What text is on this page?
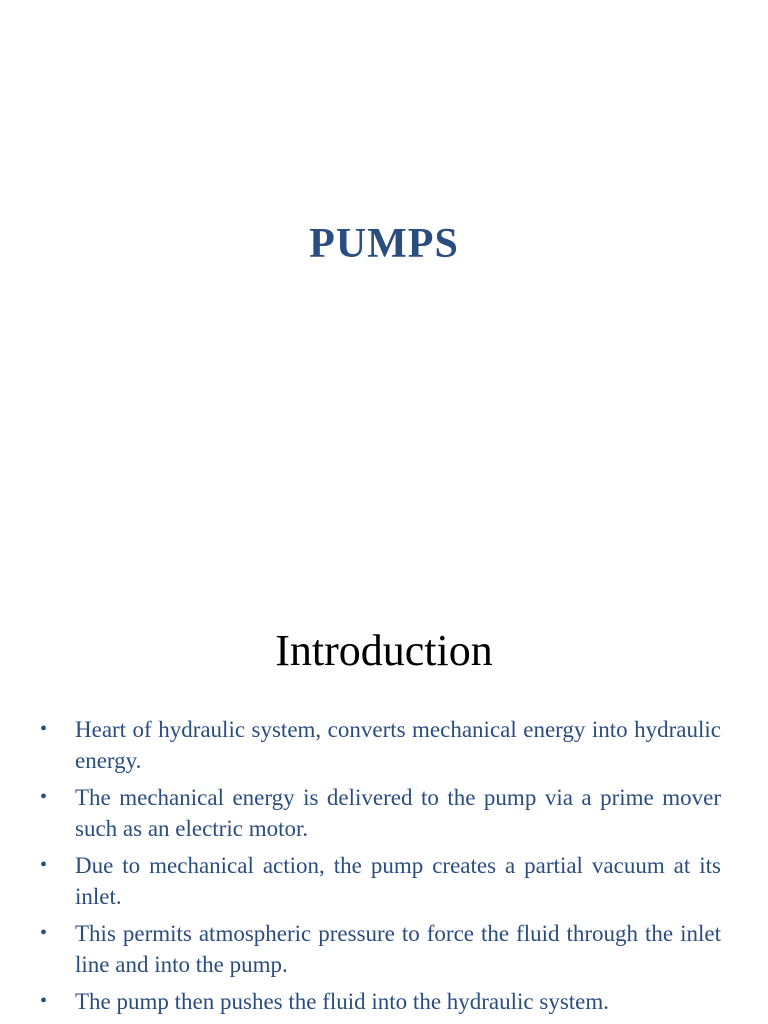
PUMPS
Introduction
•	Heart of hydraulic system, converts mechanical energy into hydraulic energy.
•	The mechanical energy is delivered to the pump via a prime mover such as an electric motor.
•	Due to mechanical action, the pump creates a partial vacuum at its inlet.
•	This permits atmospheric pressure to force the fluid through the inlet line and into the pump.
•	The pump then pushes the fluid into the hydraulic system.
